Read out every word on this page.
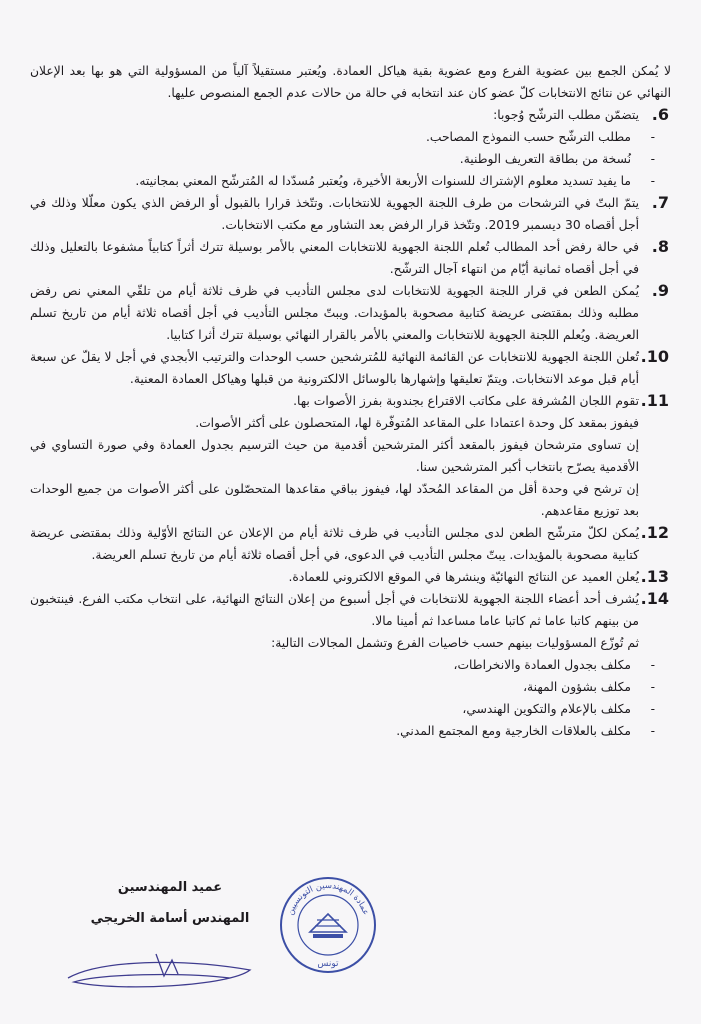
لا يُمكن الجمع بين عضوية الفرع ومع عضوية بقية هياكل العمادة. ويُعتبر مستقيلاً آلياً من المسؤولية التي هو بها بعد الإعلان النهائي عن نتائج الانتخابات كلّ عضو كان عند انتخابه في حالة من حالات عدم الجمع المنصوص عليها.

6.
يتضمّن مطلب الترشّح وُجوبا:

-
مطلب الترشّح حسب النموذج المصاحب.

-
نُسخة من بطاقة التعريف الوطنية.

-
ما يفيد تسديد معلوم الإشتراك للسنوات الأربعة الأخيرة، ويُعتبر مُسدّدا له المُترشّح المعني بمجانيته.

7.
يتمّ البتّ في الترشحات من طرف اللجنة الجهوية للانتخابات. وتتّخذ قرارا بالقبول أو الرفض الذي يكون معلّلا وذلك في أجل أقصاه 30 ديسمبر 2019. وتتّخذ قرار الرفض بعد التشاور مع مكتب الانتخابات.

8.
في حالة رفض أحد المطالب تُعلم اللجنة الجهوية للانتخابات المعني بالأمر بوسيلة تترك أثراً كتابياً مشفوعا بالتعليل وذلك في أجل أقصاه ثمانية أيّام من انتهاء آجال الترشّح.

9.
يُمكن الطعن في قرار اللجنة الجهوية للانتخابات لدى مجلس التأديب في ظرف ثلاثة أيام من تلقّي المعني نص رفض مطلبه وذلك بمقتضى عريضة كتابية مصحوبة بالمؤيدات. ويبتّ مجلس التأديب في أجل أقصاه ثلاثة أيام من تاريخ تسلم العريضة. ويُعلم اللجنة الجهوية للانتخابات والمعني بالأمر بالقرار النهائي بوسيلة تترك أثرا كتابيا.

10.
تُعلن اللجنة الجهوية للانتخابات عن القائمة النهائية للمُترشحين حسب الوحدات والترتيب الأبجدي في أجل لا يقلّ عن سبعة أيام قبل موعد الانتخابات. ويتمّ تعليقها وإشهارها بالوسائل الالكترونية من قبلها وهياكل العمادة المعنية.

11.
تقوم اللجان المُشرفة على مكاتب الاقتراع بجندوبة بفرز الأصوات بها.

فيفوز بمقعد كل وحدة اعتمادا على المقاعد المُتوفّرة لها، المتحصلون على أكثر الأصوات.

إن تساوى مترشحان فيفوز بالمقعد أكثر المترشحين أقدمية من حيث الترسيم بجدول العمادة وفي صورة التساوي في الأقدمية يصرّح بانتخاب أكبر المترشحين سنا.

إن ترشح في وحدة أقل من المقاعد المُحدّد لها، فيفوز بباقي مقاعدها المتحصّلون على أكثر الأصوات من جميع الوحدات بعد توزيع مقاعدهم.

12.
يُمكن لكلّ مترشّح الطعن لدى مجلس التأديب في ظرف ثلاثة أيام من الإعلان عن النتائج الأوّلية وذلك بمقتضى عريضة كتابية مصحوبة بالمؤيدات. يبتّ مجلس التأديب في الدعوى، في أجل أقصاه ثلاثة أيام من تاريخ تسلم العريضة.

13.
يُعلن العميد عن النتائج النهائيّة وينشرها في الموقع الالكتروني للعمادة.

14.
يُشرف أحد أعضاء اللجنة الجهوية للانتخابات في أجل أسبوع من إعلان النتائج النهائية، على انتخاب مكتب الفرع. فينتخبون من بينهم كاتبا عاما ثم كاتبا عاما مساعدا ثم أمينا مالا.

ثم تُوزّع المسؤوليات بينهم حسب خاصيات الفرع وتشمل المجالات التالية:

-
مكلف بجدول العمادة والانخراطات،

-
مكلف بشؤون المهنة،

-
مكلف بالإعلام والتكوين الهندسي،

-
مكلف بالعلاقات الخارجية ومع المجتمع المدني.

عميد المهندسين
المهندس أسامة الخريجي	عمادة المهندسين التونسيين
تونس
